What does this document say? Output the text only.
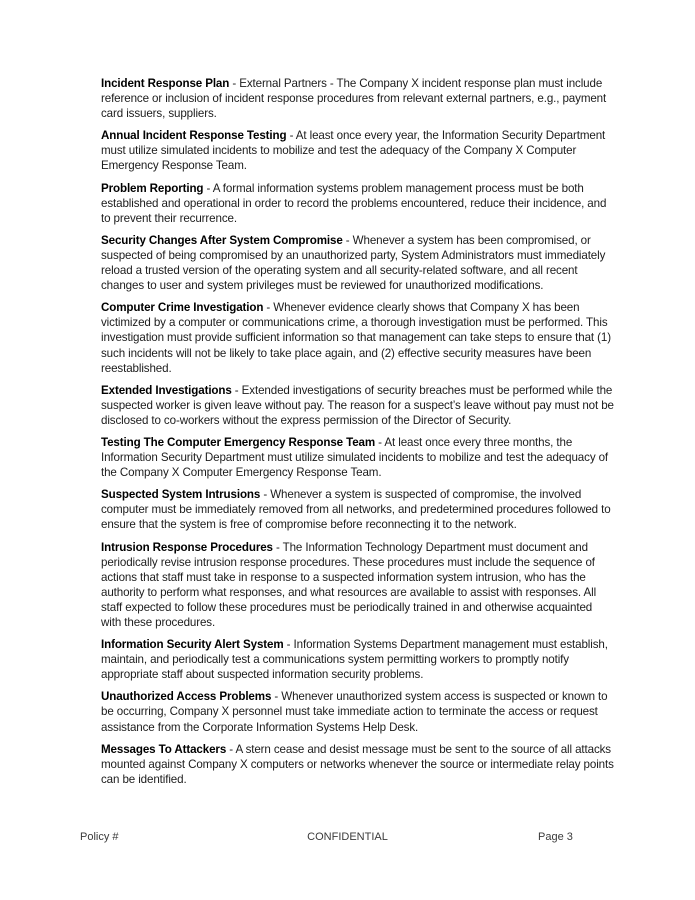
Incident Response Plan - External Partners - The Company X incident response plan must include reference or inclusion of incident response procedures from relevant external partners, e.g., payment card issuers, suppliers.

Annual Incident Response Testing - At least once every year, the Information Security Department must utilize simulated incidents to mobilize and test the adequacy of the Company X Computer Emergency Response Team.

Problem Reporting - A formal information systems problem management process must be both established and operational in order to record the problems encountered, reduce their incidence, and to prevent their recurrence.

Security Changes After System Compromise - Whenever a system has been compromised, or suspected of being compromised by an unauthorized party, System Administrators must immediately reload a trusted version of the operating system and all security-related software, and all recent changes to user and system privileges must be reviewed for unauthorized modifications.

Computer Crime Investigation - Whenever evidence clearly shows that Company X has been victimized by a computer or communications crime, a thorough investigation must be performed. This investigation must provide sufficient information so that management can take steps to ensure that (1) such incidents will not be likely to take place again, and (2) effective security measures have been reestablished.

Extended Investigations - Extended investigations of security breaches must be performed while the suspected worker is given leave without pay. The reason for a suspect’s leave without pay must not be disclosed to co-workers without the express permission of the Director of Security.

Testing The Computer Emergency Response Team - At least once every three months, the Information Security Department must utilize simulated incidents to mobilize and test the adequacy of the Company X Computer Emergency Response Team.

Suspected System Intrusions - Whenever a system is suspected of compromise, the involved computer must be immediately removed from all networks, and predetermined procedures followed to ensure that the system is free of compromise before reconnecting it to the network.

Intrusion Response Procedures - The Information Technology Department must document and periodically revise intrusion response procedures. These procedures must include the sequence of actions that staff must take in response to a suspected information system intrusion, who has the authority to perform what responses, and what resources are available to assist with responses. All staff expected to follow these procedures must be periodically trained in and otherwise acquainted with these procedures.

Information Security Alert System - Information Systems Department management must establish, maintain, and periodically test a communications system permitting workers to promptly notify appropriate staff about suspected information security problems.

Unauthorized Access Problems - Whenever unauthorized system access is suspected or known to be occurring, Company X personnel must take immediate action to terminate the access or request assistance from the Corporate Information Systems Help Desk.

Messages To Attackers - A stern cease and desist message must be sent to the source of all attacks mounted against Company X computers or networks whenever the source or intermediate relay points can be identified.

Policy #	CONFIDENTIAL	Page 3
